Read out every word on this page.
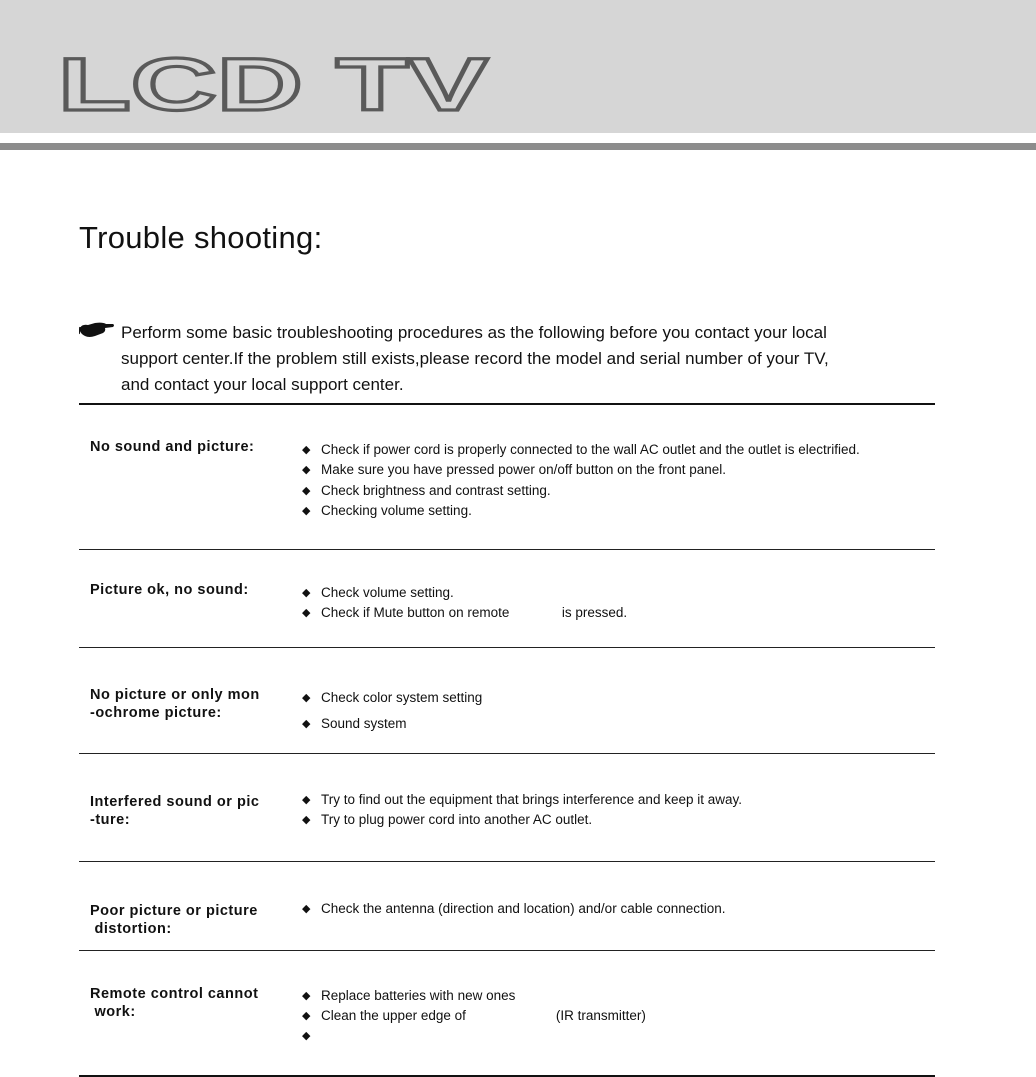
LCD TV
Trouble shooting:
Perform some basic troubleshooting procedures as the following before you contact your local
support center.If the problem still exists,please record the model and serial number of your TV,
and contact your local support center.
No sound and picture:	◆ Check if power cord is properly connected to the wall AC outlet and the outlet is electrified.
◆ Make sure you have pressed power on/off button on the front panel.
◆ Check brightness and contrast setting.
◆ Checking volume setting.
Picture ok, no sound:	◆ Check volume setting.
◆ Check if Mute button on remote              is pressed.
No picture or only mon
-ochrome picture:
◆ Check color system setting
◆ Sound system
Interfered sound or pic
-ture:
◆ Try to find out the equipment that brings interference and keep it away.
◆ Try to plug power cord into another AC outlet.
Poor picture or picture
distortion:
◆ Check the antenna (direction and location) and/or cable connection.
Remote control cannot
work:
◆ Replace batteries with new ones
◆ Clean the upper edge of                        (IR transmitter)
◆
